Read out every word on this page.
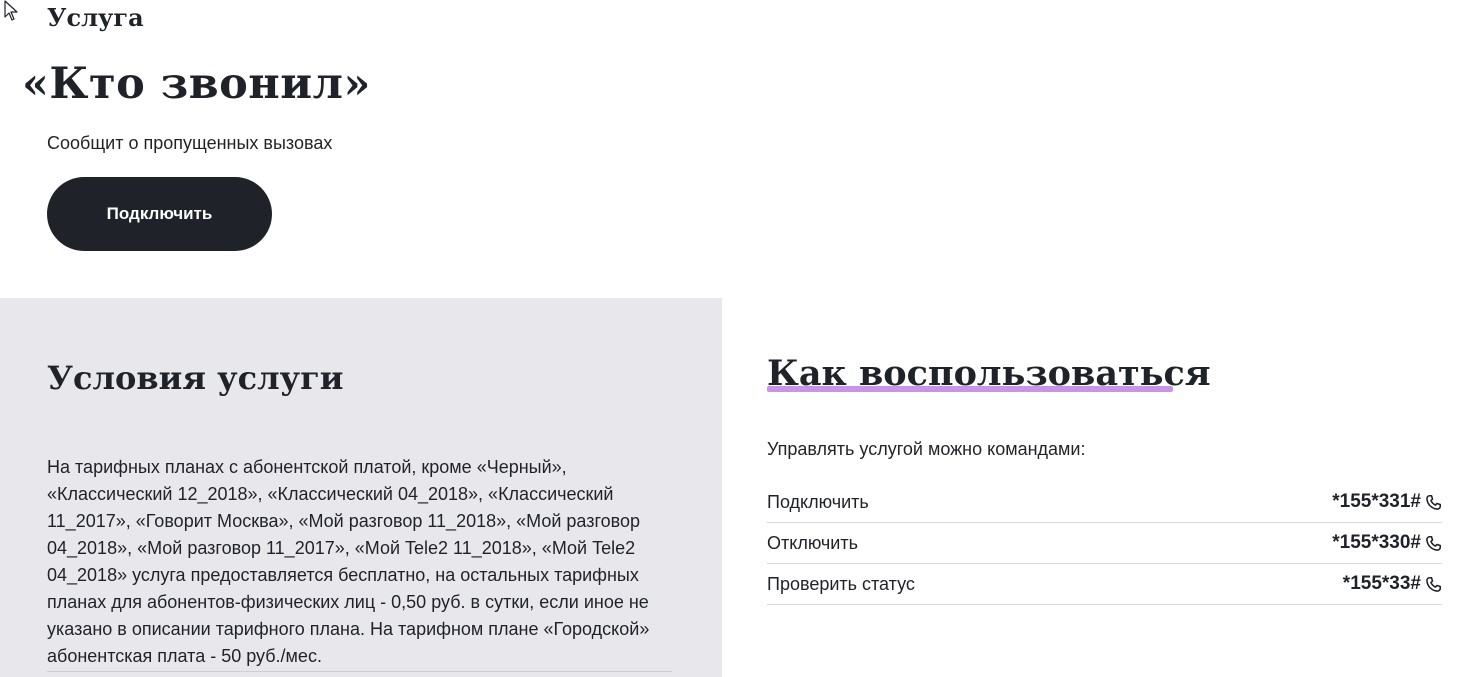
Услуга
«Кто звонил»
Сообщит о пропущенных вызовах
Подключить
Условия услуги

На тарифных планах с абонентской платой, кроме «Черный», «Классический 12_2018», «Классический 04_2018», «Классический 11_2017», «Говорит Москва», «Мой разговор 11_2018», «Мой разговор 04_2018», «Мой разговор 11_2017», «Мой Tele2 11_2018», «Мой Tele2 04_2018» услуга предоставляется бесплатно, на остальных тарифных планах для абонентов-физических лиц - 0,50 руб. в сутки, если иное не указано в описании тарифного плана. На тарифном плане «Городской» абонентская плата - 50 руб./мес.

Как воспользоваться
Управлять услугой можно командами:
Подключить	*155*331#
Отключить	*155*330#
Проверить статус	*155*33#
